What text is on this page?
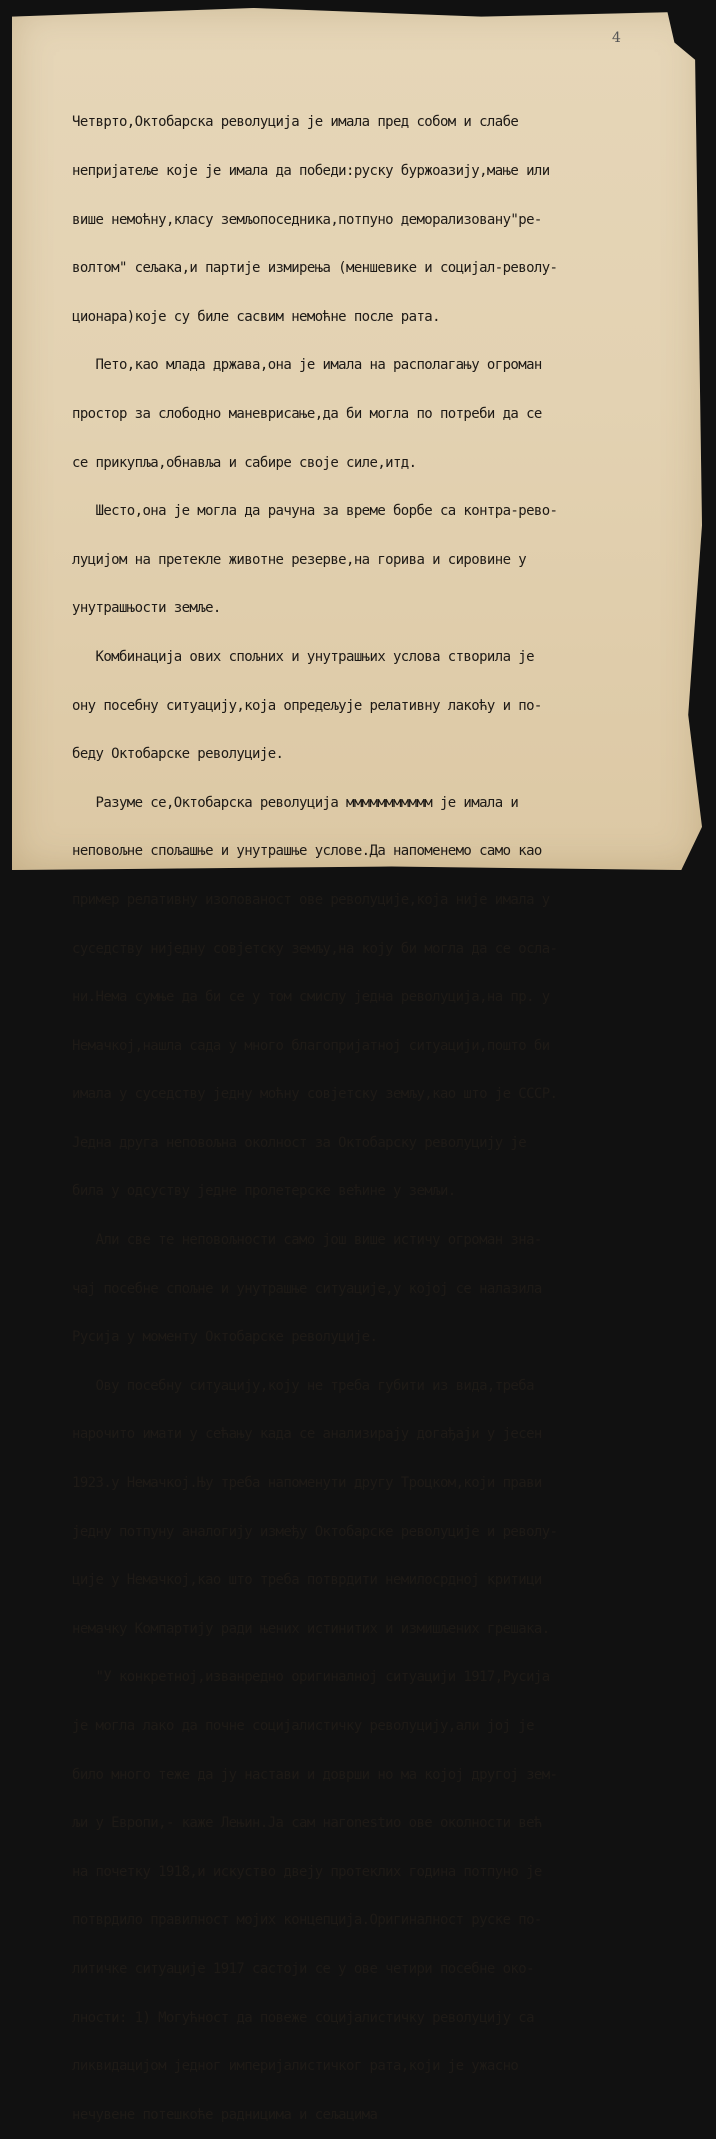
4

Четврто,Октобарска револуција је имала пред собом и слабе

непријатеље које је имала да победи:руску буржоазију,мање или

више немоћну,класу земљопоседника,потпуно деморализовану"ре-

волтом" сељака,и партије измирења (меншевике и социјал-револу-

ционара)које су биле сасвим немоћне после рата.

Пето,као млада држава,она је имала на располагању огроман

простор за слободно маневрисање,да би могла по потреби да се

се прикупља,обнавља и сабире своје силе,итд.

Шесто,она је могла да рачуна за време борбе са контра-рево-

луцијом на претекле животне резерве,на горива и сировине у

унутрашњости земље.

Комбинација ових спољних и унутрашњих услова створила је

ону посебну ситуацију,која опредељује релативну лакоћу и по-

беду Октобарске револуције.

Разуме се,Октобарска револуција ммммммммммм је имала и

неповољне спољашње и унутрашње услове.Да напоменемо само као

пример релативну изолованост ове револуције,која није имала у

суседству ниједну совјетску земљу,на коју би могла да се осла-

ни.Нема сумње да би се у том смислу једна револуција,на пр. у

Немачкој,нашла сада у много благопријатној ситуацији,пошто би

имала у суседству једну моћну совјетску земљу,као што је СССР.

Једна друга неповољна околност за Октобарску револуцију је

била у одсуству једне пролетерске већине у земљи.

Али све те неповољности само још више истичу огроман зна-

чај посебне спољне и унутрашње ситуације,у којој се налазила

Русија у моменту Октобарске револуције.

Ову посебну ситуацију,коју не треба губити из вида,треба

нарочито имати у сећању када се анализирају догађаји у јесен

1923.у Немачкој.Њу треба напоменути другу Троцком,који прави

једну потпуну аналогију између Октобарске револуције и револу-

ције у Немачкој,као што треба потврдити немилосрдној критици

немачку Компартију ради њених истинитих и измишљених грешака.

"У конкретној,изванредно оригиналној ситуацији 1917,Русија

је могла лако да почне социјалистичку револуцију,али јој је

било много теже да ју настави и доврши но ма којој другој зем-

љи у Европи,- каже Лењин.Ја сам нагоnestио ове околности већ

на почетку 1918,и искуство двеју протеклих година потпуно је

потврдило правилност мојих концепција.Оригиналност руске по-

литичке ситуације 1917 састоји се у ове четири посебне око-

лности: 1) Могућност да повеже социјалистичку револуцију са

ликвидацијом једног империјалистичког рата,који је ужасно

нечувене потешкоће радницима и сељацима
